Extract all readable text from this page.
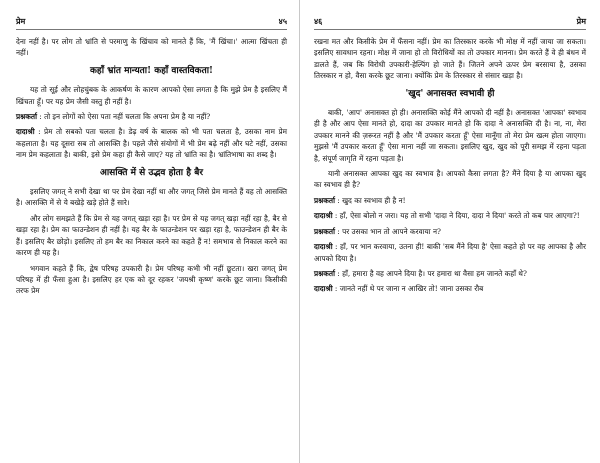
प्रेम	४५

देना नहीं है। पर लोग तो भ्रांति से परमाणु के खिंचाव को मानते हैं कि, 'मैं खिंचा।' आत्मा खिंचता ही नहीं।

कहाँ भ्रांत मान्यता! कहाँ वास्तविकता!

यह तो सूई और लोहचुंबक के आकर्षण के कारण आपको ऐसा लगता है कि मुझे प्रेम है इसलिए मैं खिंचता हूँ। पर यह प्रेम जैसी वस्तु ही नहीं है।

प्रश्नकर्ता : तो इन लोगों को ऐसा पता नहीं चलता कि अपना प्रेम है या नहीं?

दादाश्री : प्रेम तो सबको पता चलता है। डेढ़ वर्ष के बालक को भी पता चलता है, उसका नाम प्रेम कहलाता है। यह दूसरा सब तो आसक्ति है। पहले जैसे संयोगों में भी प्रेम बढ़े नहीं और घटे नहीं, उसका नाम प्रेम कहलाता है। बाकी, इसे प्रेम कहा ही कैसे जाए? यह तो भ्रांति का है। भ्रांतिभाषा का शब्द है।

आसक्ति में से उद्भव होता है बैर

इसलिए जगत् ने सभी देखा था पर प्रेम देखा नहीं था और जगत् जिसे प्रेम मानते हैं वह तो आसक्ति है। आसक्ति में से ये बखेड़े खड़े होते हैं सारे।

और लोग समझते हैं कि प्रेम से यह जगत् खड़ा रहा है। पर प्रेम से यह जगत् खड़ा नहीं रहा है, बैर से खड़ा रहा है। प्रेम का फाउन्डेशन ही नहीं है। यह बैर के फाउन्डेशन पर खड़ा रहा है, फाउन्डेशन ही बैर के हैं। इसलिए बैर छोड़ो। इसलिए तो हम बैर का निकाल करने का कहते हैं न! समभाव से निकाल करने का कारण ही यह है।

भगवान कहते हैं कि, द्वेष परिषह उपकारी है। प्रेम परिषह कभी भी नहीं छूटता। खरा जगत् प्रेम परिषह में ही फँसा हुआ है। इसलिए हर एक को दूर रहकर 'जयश्री कृष्ण' करके छूट जाना। किसीकी तरफ प्रेम

४६	प्रेम

रखना मत और किसीके प्रेम में फँसना नहीं। प्रेम का तिरस्कार करके भी मोक्ष में नहीं जाया जा सकता। इसलिए सावधान रहना। मोक्ष में जाना हो तो विरोधियों का तो उपकार मानना। प्रेम करते हैं वे ही बंधन में डालते हैं, जब कि विरोधी उपकारी-हेल्पिंग हो जाते हैं। जितने अपने ऊपर प्रेम बरसाया है, उसका तिरस्कार न हो, वैसा करके छूट जाना। क्योंकि प्रेम के तिरस्कार से संसार खड़ा है।

'खुद' अनासक्त स्वभावी ही

बाकी, 'आप' अनासक्त हो ही। अनासक्ति कोई मैंने आपको दी नहीं है। अनासक्त 'आपका' स्वभाव ही है और आप ऐसा मानते हो, दादा का उपकार मानते हो कि दादा ने अनासक्ति दी है। ना, ना, मेरा उपकार मानने की ज़रूरत नहीं है और 'मैं उपकार करता हूँ' ऐसा मानूँगा तो मेरा प्रेम खत्म होता जाएगा। मुझसे 'मैं उपकार करता हूँ' ऐसा माना नहीं जा सकता। इसलिए खुद, खुद को पूरी समझ में रहना पड़ता है, संपूर्ण जागृति में रहना पड़ता है।

यानी अनासक्त आपका खुद का स्वभाव है। आपको कैसा लगता है? मैंने दिया है या आपका खुद का स्वभाव ही है?

प्रश्नकर्ता : खुद का स्वभाव ही है न!

दादाश्री : हाँ, ऐसा बोलो न जरा। यह तो सभी 'दादा ने दिया, दादा ने दिया' करते तो कब पार आएगा?!

प्रश्नकर्ता : पर उसका भान तो आपने करवाया न?

दादाश्री : हाँ, पर भान करवाया, उतना ही! बाकी 'सब मैंने दिया है' ऐसा कहते हो पर वह आपका है और आपको दिया है।

प्रश्नकर्ता : हाँ, हमारा है वह आपने दिया है। पर हमारा था वैसा हम जानते कहाँ थे?

दादाश्री : जानते नहीं थे पर जाना न आखिर तो! जाना उसका रौब
